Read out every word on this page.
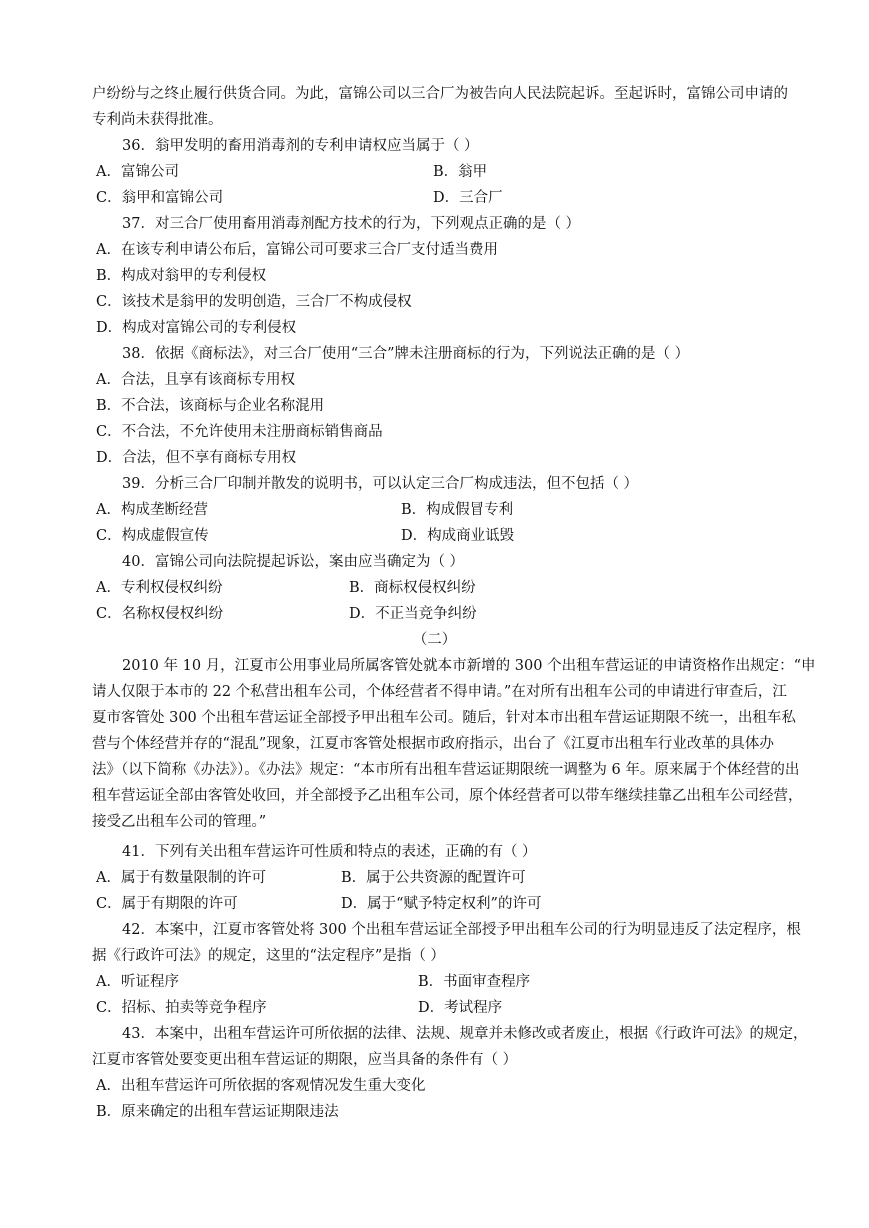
户纷纷与之终止履行供货合同。为此，富锦公司以三合厂为被告向人民法院起诉。至起诉时，富锦公司申请的
专利尚未获得批准。
36．翁甲发明的畜用消毒剂的专利申请权应当属于（ ）
A．富锦公司	B．翁甲
C．翁甲和富锦公司	D．三合厂
37．对三合厂使用畜用消毒剂配方技术的行为，下列观点正确的是（ ）
A．在该专利申请公布后，富锦公司可要求三合厂支付适当费用
B．构成对翁甲的专利侵权
C．该技术是翁甲的发明创造，三合厂不构成侵权
D．构成对富锦公司的专利侵权
38．依据《商标法》，对三合厂使用“三合”牌未注册商标的行为，下列说法正确的是（ ）
A．合法，且享有该商标专用权
B．不合法，该商标与企业名称混用
C．不合法，不允许使用未注册商标销售商品
D．合法，但不享有商标专用权
39．分析三合厂印制并散发的说明书，可以认定三合厂构成违法，但不包括（ ）
A．构成垄断经营	B．构成假冒专利
C．构成虚假宣传	D．构成商业诋毁
40．富锦公司向法院提起诉讼，案由应当确定为（ ）
A．专利权侵权纠纷	B．商标权侵权纠纷
C．名称权侵权纠纷	D．不正当竞争纠纷
（二）
2010 年 10 月，江夏市公用事业局所属客管处就本市新增的 300 个出租车营运证的申请资格作出规定：“申
请人仅限于本市的 22 个私营出租车公司，个体经营者不得申请。”在对所有出租车公司的申请进行审查后，江
夏市客管处 300 个出租车营运证全部授予甲出租车公司。随后，针对本市出租车营运证期限不统一，出租车私
营与个体经营并存的“混乱”现象，江夏市客管处根据市政府指示，出台了《江夏市出租车行业改革的具体办
法》（以下简称《办法》）。《办法》规定：“本市所有出租车营运证期限统一调整为 6 年。原来属于个体经营的出
租车营运证全部由客管处收回，并全部授予乙出租车公司，原个体经营者可以带车继续挂靠乙出租车公司经营，
接受乙出租车公司的管理。”
41．下列有关出租车营运许可性质和特点的表述，正确的有（ ）
A．属于有数量限制的许可	B．属于公共资源的配置许可
C．属于有期限的许可	D．属于“赋予特定权利”的许可
42．本案中，江夏市客管处将 300 个出租车营运证全部授予甲出租车公司的行为明显违反了法定程序，根
据《行政许可法》的规定，这里的“法定程序”是指（ ）
A．听证程序	B．书面审查程序
C．招标、拍卖等竞争程序	D．考试程序
43．本案中，出租车营运许可所依据的法律、法规、规章并未修改或者废止，根据《行政许可法》的规定，
江夏市客管处要变更出租车营运证的期限，应当具备的条件有（ ）
A．出租车营运许可所依据的客观情况发生重大变化
B．原来确定的出租车营运证期限违法
